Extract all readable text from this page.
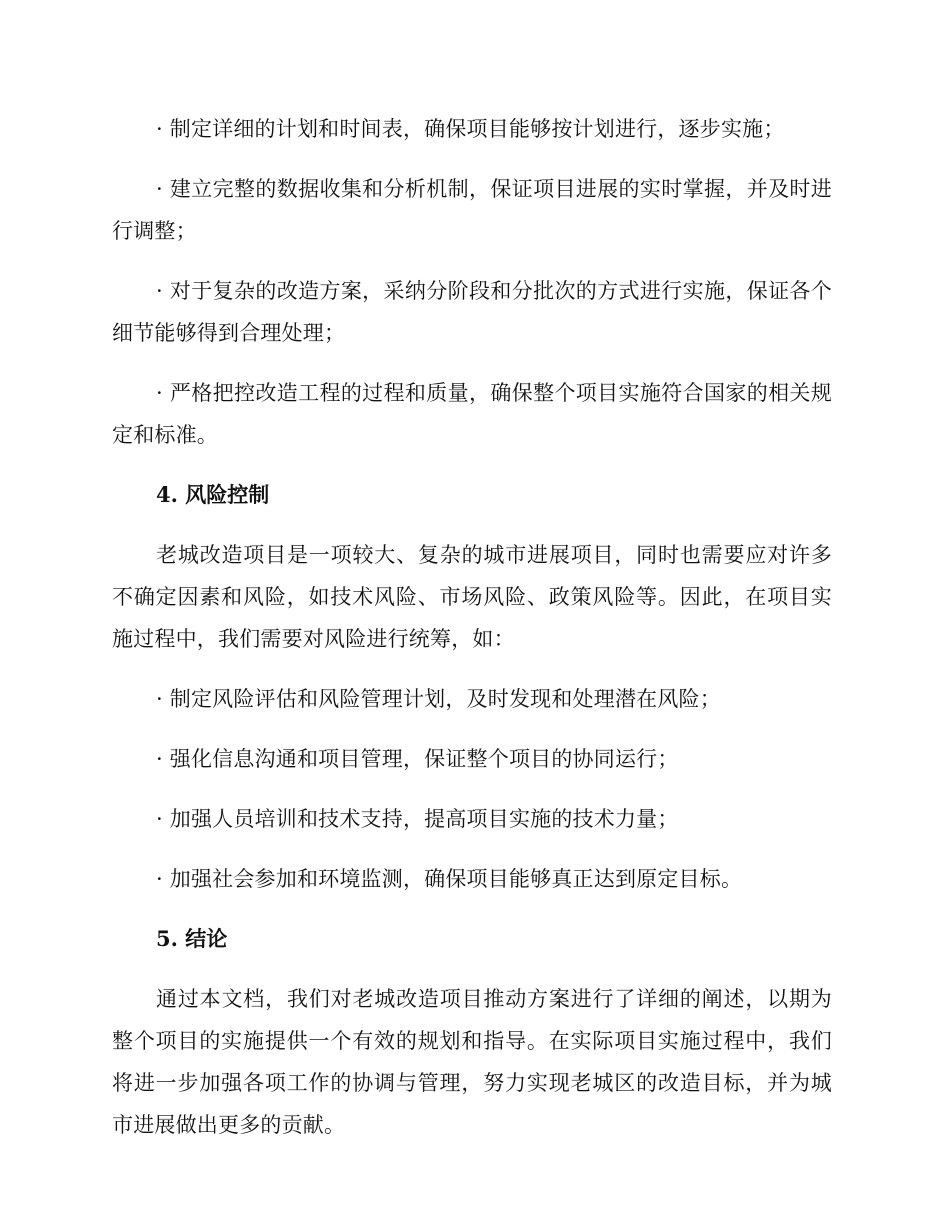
· 制定详细的计划和时间表，确保项目能够按计划进行，逐步实施；

· 建立完整的数据收集和分析机制，保证项目进展的实时掌握，并及时进行调整；

· 对于复杂的改造方案，采纳分阶段和分批次的方式进行实施，保证各个细节能够得到合理处理；

· 严格把控改造工程的过程和质量，确保整个项目实施符合国家的相关规定和标准。

4. 风险控制

老城改造项目是一项较大、复杂的城市进展项目，同时也需要应对许多不确定因素和风险，如技术风险、市场风险、政策风险等。因此，在项目实施过程中，我们需要对风险进行统筹，如：

· 制定风险评估和风险管理计划，及时发现和处理潜在风险；

· 强化信息沟通和项目管理，保证整个项目的协同运行；

· 加强人员培训和技术支持，提高项目实施的技术力量；

· 加强社会参加和环境监测，确保项目能够真正达到原定目标。

5. 结论

通过本文档，我们对老城改造项目推动方案进行了详细的阐述，以期为整个项目的实施提供一个有效的规划和指导。在实际项目实施过程中，我们将进一步加强各项工作的协调与管理，努力实现老城区的改造目标，并为城市进展做出更多的贡献。
